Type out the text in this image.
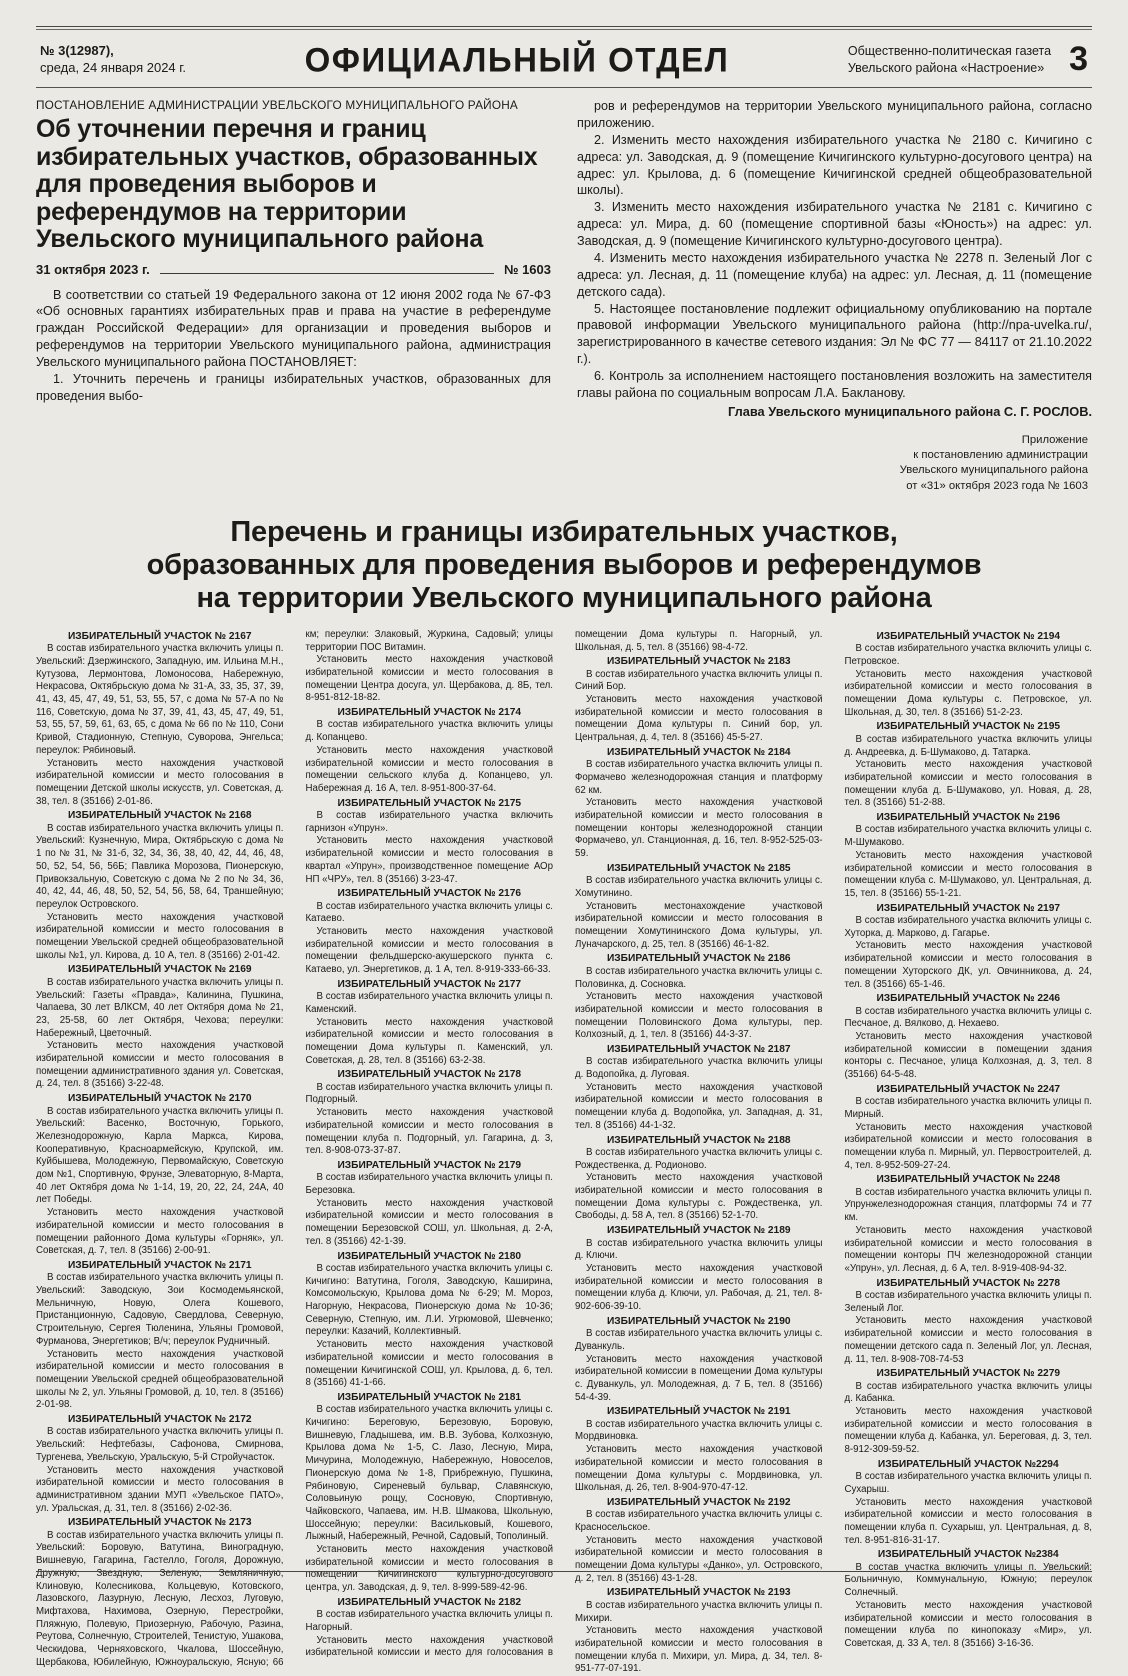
№ 3(12987),
среда, 24 января 2024 г.	ОФИЦИАЛЬНЫЙ ОТДЕЛ	Общественно-политическая газета
Увельского района «Настроение» 3
ПОСТАНОВЛЕНИЕ АДМИНИСТРАЦИИ УВЕЛЬСКОГО МУНИЦИПАЛЬНОГО РАЙОНА
Об уточнении перечня и границ избирательных участков, образованных для проведения выборов и референдумов на территории Увельского муниципального района
31 октября 2023 г.	№ 1603

В соответствии со статьей 19 Федерального закона от 12 июня 2002 года № 67-ФЗ «Об основных гарантиях избирательных прав и права на участие в референдуме граждан Российской Федерации» для организации и проведения выборов и референдумов на территории Увельского муниципального района, администрация Увельского муниципального района ПОСТАНОВЛЯЕТ:

1. Уточнить перечень и границы избирательных участков, образованных для проведения выбо-

ров и референдумов на территории Увельского муниципального района, согласно приложению.

2. Изменить место нахождения избирательного участка № 2180 с. Кичигино с адреса: ул. Заводская, д. 9 (помещение Кичигинского культурно-досугового центра) на адрес: ул. Крылова, д. 6 (помещение Кичигинской средней общеобразовательной школы).

3. Изменить место нахождения избирательного участка № 2181 с. Кичигино с адреса: ул. Мира, д. 60 (помещение спортивной базы «Юность») на адрес: ул. Заводская, д. 9 (помещение Кичигинского культурно-досугового центра).

4. Изменить место нахождения избирательного участка № 2278 п. Зеленый Лог с адреса: ул. Лесная, д. 11 (помещение клуба) на адрес: ул. Лесная, д. 11 (помещение детского сада).

5. Настоящее постановление подлежит официальному опубликованию на портале правовой информации Увельского муниципального района (http://npa-uvelka.ru/, зарегистрированного в качестве сетевого издания: Эл № ФС 77 — 84117 от 21.10.2022 г.).

6. Контроль за исполнением настоящего постановления возложить на заместителя главы района по социальным вопросам Л.А. Бакланову.

Глава Увельского муниципального района С. Г. РОСЛОВ.
Приложение
к постановлению администрации
Увельского муниципального района
от «31» октября 2023 года № 1603
Перечень и границы избирательных участков,
образованных для проведения выборов и референдумов
на территории Увельского муниципального района
ИЗБИРАТЕЛЬНЫЙ УЧАСТОК № 2167

В состав избирательного участка включить улицы п. Увельский: Дзержинского, Западную, им. Ильина М.Н., Кутузова, Лермонтова, Ломоносова, Набережную, Некрасова, Октябрьскую дома № 31-А, 33, 35, 37, 39, 41, 43, 45, 47, 49, 51, 53, 55, 57, с дома № 57-А по № 116, Советскую, дома № 37, 39, 41, 43, 45, 47, 49, 51, 53, 55, 57, 59, 61, 63, 65, с дома № 66 по № 110, Сони Кривой, Стадионную, Степную, Суворова, Энгельса; переулок: Рябиновый.

Установить место нахождения участковой избирательной комиссии и место голосования в помещении Детской школы искусств, ул. Советская, д. 38, тел. 8 (35166) 2-01-86.

ИЗБИРАТЕЛЬНЫЙ УЧАСТОК № 2168

В состав избирательного участка включить улицы п. Увельский: Кузнечную, Мира, Октябрьскую с дома № 1 по № 31, № 31-б, 32, 34, 36, 38, 40, 42, 44, 46, 48, 50, 52, 54, 56, 56Б; Павлика Морозова, Пионерскую, Привокзальную, Советскую с дома № 2 по № 34, 36, 40, 42, 44, 46, 48, 50, 52, 54, 56, 58, 64, Траншейную; переулок Островского.

Установить место нахождения участковой избирательной комиссии и место голосования в помещении Увельской средней общеобразовательной школы №1, ул. Кирова, д. 10 А, тел. 8 (35166) 2-01-42.

ИЗБИРАТЕЛЬНЫЙ УЧАСТОК № 2169

В состав избирательного участка включить улицы п. Увельский: Газеты «Правда», Калинина, Пушкина, Чапаева, 30 лет ВЛКСМ, 40 лет Октября дома № 21, 23, 25-58, 60 лет Октября, Чехова; переулки: Набережный, Цветочный.

Установить место нахождения участковой избирательной комиссии и место голосования в помещении административного здания ул. Советская, д. 24, тел. 8 (35166) 3-22-48.

ИЗБИРАТЕЛЬНЫЙ УЧАСТОК № 2170

В состав избирательного участка включить улицы п. Увельский: Васенко, Восточную, Горького, Железнодорожную, Карла Маркса, Кирова, Кооперативную, Красноармейскую, Крупской, им. Куйбышева, Молодежную, Первомайскую, Советскую дом №1, Спортивную, Фрунзе, Элеваторную, 8-Марта, 40 лет Октября дома № 1-14, 19, 20, 22, 24, 24А, 40 лет Победы.

Установить место нахождения участковой избирательной комиссии и место голосования в помещении районного Дома культуры «Горняк», ул. Советская, д. 7, тел. 8 (35166) 2-00-91.

ИЗБИРАТЕЛЬНЫЙ УЧАСТОК № 2171

В состав избирательного участка включить улицы п. Увельский: Заводскую, Зои Космодемьянской, Мельничную, Новую, Олега Кошевого, Пристанционную, Садовую, Свердлова, Северную, Строительную, Сергея Тюленина, Ульяны Громовой, Фурманова, Энергетиков; В/ч; переулок Рудничный.

Установить место нахождения участковой избирательной комиссии и место голосования в помещении Увельской средней общеобразовательной школы № 2, ул. Ульяны Громовой, д. 10, тел. 8 (35166) 2-01-98.

ИЗБИРАТЕЛЬНЫЙ УЧАСТОК № 2172

В состав избирательного участка включить улицы п. Увельский: Нефтебазы, Сафонова, Смирнова, Тургенева, Увельскую, Уральскую, 5-й Стройучасток.

Установить место нахождения участковой избирательной комиссии и место голосования в административном здании МУП «Увельское ПАТО», ул. Уральская, д. 31, тел. 8 (35166) 2-02-36.

ИЗБИРАТЕЛЬНЫЙ УЧАСТОК № 2173

В состав избирательного участка включить улицы п. Увельский: Боровую, Ватутина, Виноградную, Вишневую, Гагарина, Гастелло, Гоголя, Дорожную, Дружную, Звездную, Зеленую, Земляничную, Клиновую, Колесникова, Кольцевую, Котовского, Лазовского, Лазурную, Лесную, Лесхоз, Луговую, Мифтахова, Нахимова, Озерную, Перестройки, Пляжную, Полевую, Приозерную, Рабочую, Разина, Реутова, Солнечную, Строителей, Тенистую, Ушакова, Ческидова, Черняховского, Чкалова, Шоссейную, Щербакова, Юбилейную, Южноуральскую, Ясную; 66 км; переулки: Злаковый, Журкина, Садовый; улицы территории ПОС Витамин.

Установить место нахождения участковой избирательной комиссии и место голосования в помещении Центра досуга, ул. Щербакова, д. 8Б, тел. 8-951-812-18-82.

ИЗБИРАТЕЛЬНЫЙ УЧАСТОК № 2174

В состав избирательного участка включить улицы д. Копанцево.

Установить место нахождения участковой избирательной комиссии и место голосования в помещении сельского клуба д. Копанцево, ул. Набережная д. 16 А, тел. 8-951-800-37-64.

ИЗБИРАТЕЛЬНЫЙ УЧАСТОК № 2175

В состав избирательного участка включить гарнизон «Упрун».

Установить место нахождения участковой избирательной комиссии и место голосования в квартал «Упрун», производственное помещение АОр НП «ЧРУ», тел. 8 (35166) 3-23-47.

ИЗБИРАТЕЛЬНЫЙ УЧАСТОК № 2176

В состав избирательного участка включить улицы с. Катаево.

Установить место нахождения участковой избирательной комиссии и место голосования в помещении фельдшерско-акушерского пункта с. Катаево, ул. Энергетиков, д. 1 А, тел. 8-919-333-66-33.

ИЗБИРАТЕЛЬНЫЙ УЧАСТОК № 2177

В состав избирательного участка включить улицы п. Каменский.

Установить место нахождения участковой избирательной комиссии и место голосования в помещении Дома культуры п. Каменский, ул. Советская, д. 28, тел. 8 (35166) 63-2-38.

ИЗБИРАТЕЛЬНЫЙ УЧАСТОК № 2178

В состав избирательного участка включить улицы п. Подгорный.

Установить место нахождения участковой избирательной комиссии и место голосования в помещении клуба п. Подгорный, ул. Гагарина, д. 3, тел. 8-908-073-37-87.

ИЗБИРАТЕЛЬНЫЙ УЧАСТОК № 2179

В состав избирательного участка включить улицы п. Березовка.

Установить место нахождения участковой избирательной комиссии и место голосования в помещении Березовской СОШ, ул. Школьная, д. 2-А, тел. 8 (35166) 42-1-39.

ИЗБИРАТЕЛЬНЫЙ УЧАСТОК № 2180

В состав избирательного участка включить улицы с. Кичигино: Ватутина, Гоголя, Заводскую, Каширина, Комсомольскую, Крылова дома № 6-29; М. Мороз, Нагорную, Некрасова, Пионерскую дома № 10-36; Северную, Степную, им. Л.И. Угрюмовой, Шевченко; переулки: Казачий, Коллективный.

Установить место нахождения участковой избирательной комиссии и место голосования в помещении Кичигинской СОШ, ул. Крылова, д. 6, тел. 8 (35166) 41-1-66.

ИЗБИРАТЕЛЬНЫЙ УЧАСТОК № 2181

В состав избирательного участка включить улицы с. Кичигино: Береговую, Березовую, Боровую, Вишневую, Гладышева, им. В.В. Зубова, Колхозную, Крылова дома № 1-5, С. Лазо, Лесную, Мира, Мичурина, Молодежную, Набережную, Новоселов, Пионерскую дома № 1-8, Прибрежную, Пушкина, Рябиновую, Сиреневый бульвар, Славянскую, Соловьиную рощу, Сосновую, Спортивную, Чайковского, Чапаева, им. Н.В. Шмакова, Школьную, Шоссейную; переулки: Васильковый, Кошевого, Лыжный, Набережный, Речной, Садовый, Тополиный.

Установить место нахождения участковой избирательной комиссии и место голосования в помещении Кичигинского культурно-досугового центра, ул. Заводская, д. 9, тел. 8-999-589-42-96.

ИЗБИРАТЕЛЬНЫЙ УЧАСТОК № 2182

В состав избирательного участка включить улицы п. Нагорный.

Установить место нахождения участковой избирательной комиссии и место для голосования в помещении Дома культуры п. Нагорный, ул. Школьная, д. 5, тел. 8 (35166) 98-4-72.

ИЗБИРАТЕЛЬНЫЙ УЧАСТОК № 2183

В состав избирательного участка включить улицы п. Синий Бор.

Установить место нахождения участковой избирательной комиссии и место голосования в помещении Дома культуры п. Синий бор, ул. Центральная, д. 4, тел. 8 (35166) 45-5-27.

ИЗБИРАТЕЛЬНЫЙ УЧАСТОК № 2184

В состав избирательного участка включить улицы п. Формачево железнодорожная станция и платформу 62 км.

Установить место нахождения участковой избирательной комиссии и место голосования в помещении конторы железнодорожной станции Формачево, ул. Станционная, д. 16, тел. 8-952-525-03-59.

ИЗБИРАТЕЛЬНЫЙ УЧАСТОК № 2185

В состав избирательного участка включить улицы с. Хомутинино.

Установить местонахождение участковой избирательной комиссии и место голосования в помещении Хомутининского Дома культуры, ул. Луначарского, д. 25, тел. 8 (35166) 46-1-82.

ИЗБИРАТЕЛЬНЫЙ УЧАСТОК № 2186

В состав избирательного участка включить улицы с. Половинка, д. Сосновка.

Установить место нахождения участковой избирательной комиссии и место голосования в помещении Половинского Дома культуры, пер. Колхозный, д. 1, тел. 8 (35166) 44-3-37.

ИЗБИРАТЕЛЬНЫЙ УЧАСТОК № 2187

В состав избирательного участка включить улицы д. Водопойка, д. Луговая.

Установить место нахождения участковой избирательной комиссии и место голосования в помещении клуба д. Водопойка, ул. Западная, д. 31, тел. 8 (35166) 44-1-32.

ИЗБИРАТЕЛЬНЫЙ УЧАСТОК № 2188

В состав избирательного участка включить улицы с. Рождественка, д. Родионово.

Установить место нахождения участковой избирательной комиссии и место голосования в помещении Дома культуры с. Рождественка, ул. Свободы, д. 58 А, тел. 8 (35166) 52-1-70.

ИЗБИРАТЕЛЬНЫЙ УЧАСТОК № 2189

В состав избирательного участка включить улицы д. Ключи.

Установить место нахождения участковой избирательной комиссии и место голосования в помещении клуба д. Ключи, ул. Рабочая, д. 21, тел. 8-902-606-39-10.

ИЗБИРАТЕЛЬНЫЙ УЧАСТОК № 2190

В состав избирательного участка включить улицы с. Дуванкуль.

Установить место нахождения участковой избирательной комиссии в помещении Дома культуры с. Дуванкуль, ул. Молодежная, д. 7 Б, тел. 8 (35166) 54-4-39.

ИЗБИРАТЕЛЬНЫЙ УЧАСТОК № 2191

В состав избирательного участка включить улицы с. Мордвиновка.

Установить место нахождения участковой избирательной комиссии и место голосования в помещении Дома культуры с. Мордвиновка, ул. Школьная, д. 26, тел. 8-904-970-47-12.

ИЗБИРАТЕЛЬНЫЙ УЧАСТОК № 2192

В состав избирательного участка включить улицы с. Красносельское.

Установить место нахождения участковой избирательной комиссии и место голосования в помещении Дома культуры «Данко», ул. Островского, д. 2, тел. 8 (35166) 43-1-28.

ИЗБИРАТЕЛЬНЫЙ УЧАСТОК № 2193

В состав избирательного участка включить улицы п. Михири.

Установить место нахождения участковой избирательной комиссии и место голосования в помещении клуба п. Михири, ул. Мира, д. 34, тел. 8-951-77-07-191.

ИЗБИРАТЕЛЬНЫЙ УЧАСТОК № 2194

В состав избирательного участка включить улицы с. Петровское.

Установить место нахождения участковой избирательной комиссии и место голосования в помещении Дома культуры с. Петровское, ул. Школьная, д. 30, тел. 8 (35166) 51-2-23.

ИЗБИРАТЕЛЬНЫЙ УЧАСТОК № 2195

В состав избирательного участка включить улицы д. Андреевка, д. Б-Шумаково, д. Татарка.

Установить место нахождения участковой избирательной комиссии и место голосования в помещении клуба д. Б-Шумаково, ул. Новая, д. 28, тел. 8 (35166) 51-2-88.

ИЗБИРАТЕЛЬНЫЙ УЧАСТОК № 2196

В состав избирательного участка включить улицы с. М-Шумаково.

Установить место нахождения участковой избирательной комиссии и место голосования в помещении клуба с. М-Шумаково, ул. Центральная, д. 15, тел. 8 (35166) 55-1-21.

ИЗБИРАТЕЛЬНЫЙ УЧАСТОК № 2197

В состав избирательного участка включить улицы с. Хуторка, д. Марково, д. Гагарье.

Установить место нахождения участковой избирательной комиссии и место голосования в помещении Хуторского ДК, ул. Овчинникова, д. 24, тел. 8 (35166) 65-1-46.

ИЗБИРАТЕЛЬНЫЙ УЧАСТОК № 2246

В состав избирательного участка включить улицы с. Песчаное, д. Вялково, д. Нехаево.

Установить место нахождения участковой избирательной комиссии в помещении здания конторы с. Песчаное, улица Колхозная, д. 3, тел. 8 (35166) 64-5-48.

ИЗБИРАТЕЛЬНЫЙ УЧАСТОК № 2247

В состав избирательного участка включить улицы п. Мирный.

Установить место нахождения участковой избирательной комиссии и место голосования в помещении клуба п. Мирный, ул. Первостроителей, д. 4, тел. 8-952-509-27-24.

ИЗБИРАТЕЛЬНЫЙ УЧАСТОК № 2248

В состав избирательного участка включить улицы п. Упрунжелезнодорожная станция, платформы 74 и 77 км.

Установить место нахождения участковой избирательной комиссии и место голосования в помещении конторы ПЧ железнодорожной станции «Упрун», ул. Лесная, д. 6 А, тел. 8-919-408-94-32.

ИЗБИРАТЕЛЬНЫЙ УЧАСТОК № 2278

В состав избирательного участка включить улицы п. Зеленый Лог.

Установить место нахождения участковой избирательной комиссии и место голосования в помещении детского сада п. Зеленый Лог, ул. Лесная, д. 11, тел. 8-908-708-74-53

ИЗБИРАТЕЛЬНЫЙ УЧАСТОК № 2279

В состав избирательного участка включить улицы д. Кабанка.

Установить место нахождения участковой избирательной комиссии и место голосования в помещении клуба д. Кабанка, ул. Береговая, д. 3, тел. 8-912-309-59-52.

ИЗБИРАТЕЛЬНЫЙ УЧАСТОК №2294

В состав избирательного участка включить улицы п. Сухарыш.

Установить место нахождения участковой избирательной комиссии и место голосования в помещении клуба п. Сухарыш, ул. Центральная, д. 8, тел. 8-951-816-31-17.

ИЗБИРАТЕЛЬНЫЙ УЧАСТОК №2384

В состав участка включить улицы п. Увельский: Больничную, Коммунальную, Южную; переулок Солнечный.

Установить место нахождения участковой избирательной комиссии и место голосования в помещении клуба по кинопоказу «Мир», ул. Советская, д. 33 А, тел. 8 (35166) 3-16-36.
